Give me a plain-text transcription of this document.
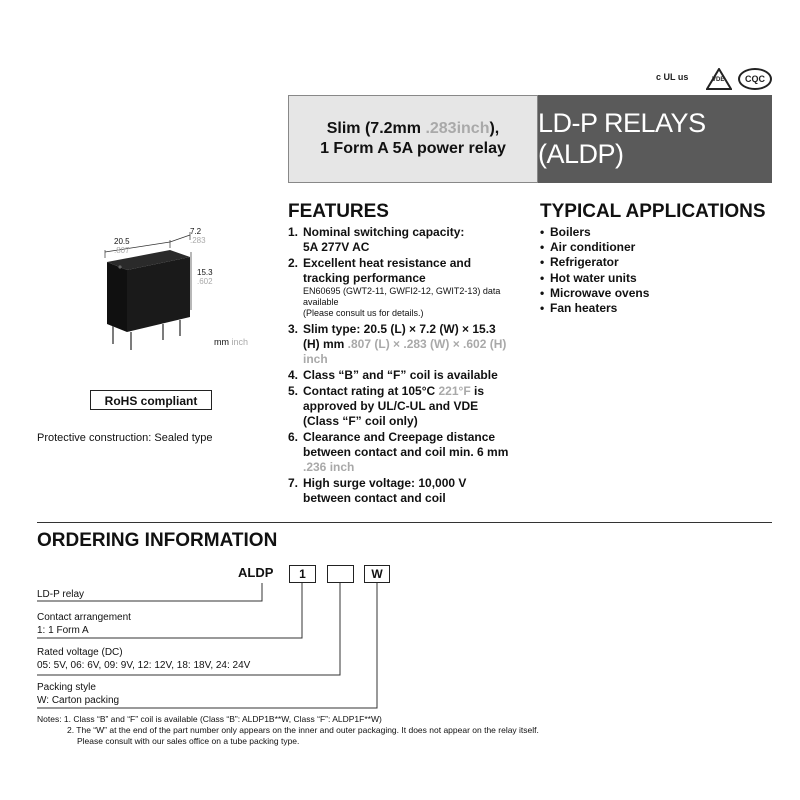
c UL us	VDE	CQC
Slim (7.2mm .283inch),
1 Form A 5A power relay
LD-P RELAYS (ALDP)
20.5
.807
7.2
.283
15.3
.602
mm inch
RoHS compliant
Protective construction: Sealed type
FEATURES
1. Nominal switching capacity:
5A 277V AC
2. Excellent heat resistance and
tracking performance
EN60695 (GWT2-11, GWFI2-12, GWIT2-13) data
available
(Please consult us for details.)
3. Slim type: 20.5 (L) × 7.2 (W) × 15.3
(H) mm .807 (L) × .283 (W) × .602 (H)
inch
4. Class “B” and “F” coil is available
5. Contact rating at 105°C 221°F is
approved by UL/C-UL and VDE
(Class “F” coil only)
6. Clearance and Creepage distance
between contact and coil min. 6 mm
.236 inch
7. High surge voltage: 10,000 V
between contact and coil
TYPICAL APPLICATIONS
• Boilers
• Air conditioner
• Refrigerator
• Hot water units
• Microwave ovens
• Fan heaters
ORDERING INFORMATION
ALDP	1	W
LD-P relay
Contact arrangement
1: 1 Form A
Rated voltage (DC)
05: 5V, 06: 6V, 09: 9V, 12: 12V, 18: 18V, 24: 24V
Packing style
W: Carton packing
Notes: 1. Class “B” and “F” coil is available (Class “B”: ALDP1B**W, Class “F”: ALDP1F**W)
2. The “W” at the end of the part number only appears on the inner and outer packaging. It does not appear on the relay itself.
Please consult with our sales office on a tube packing type.
